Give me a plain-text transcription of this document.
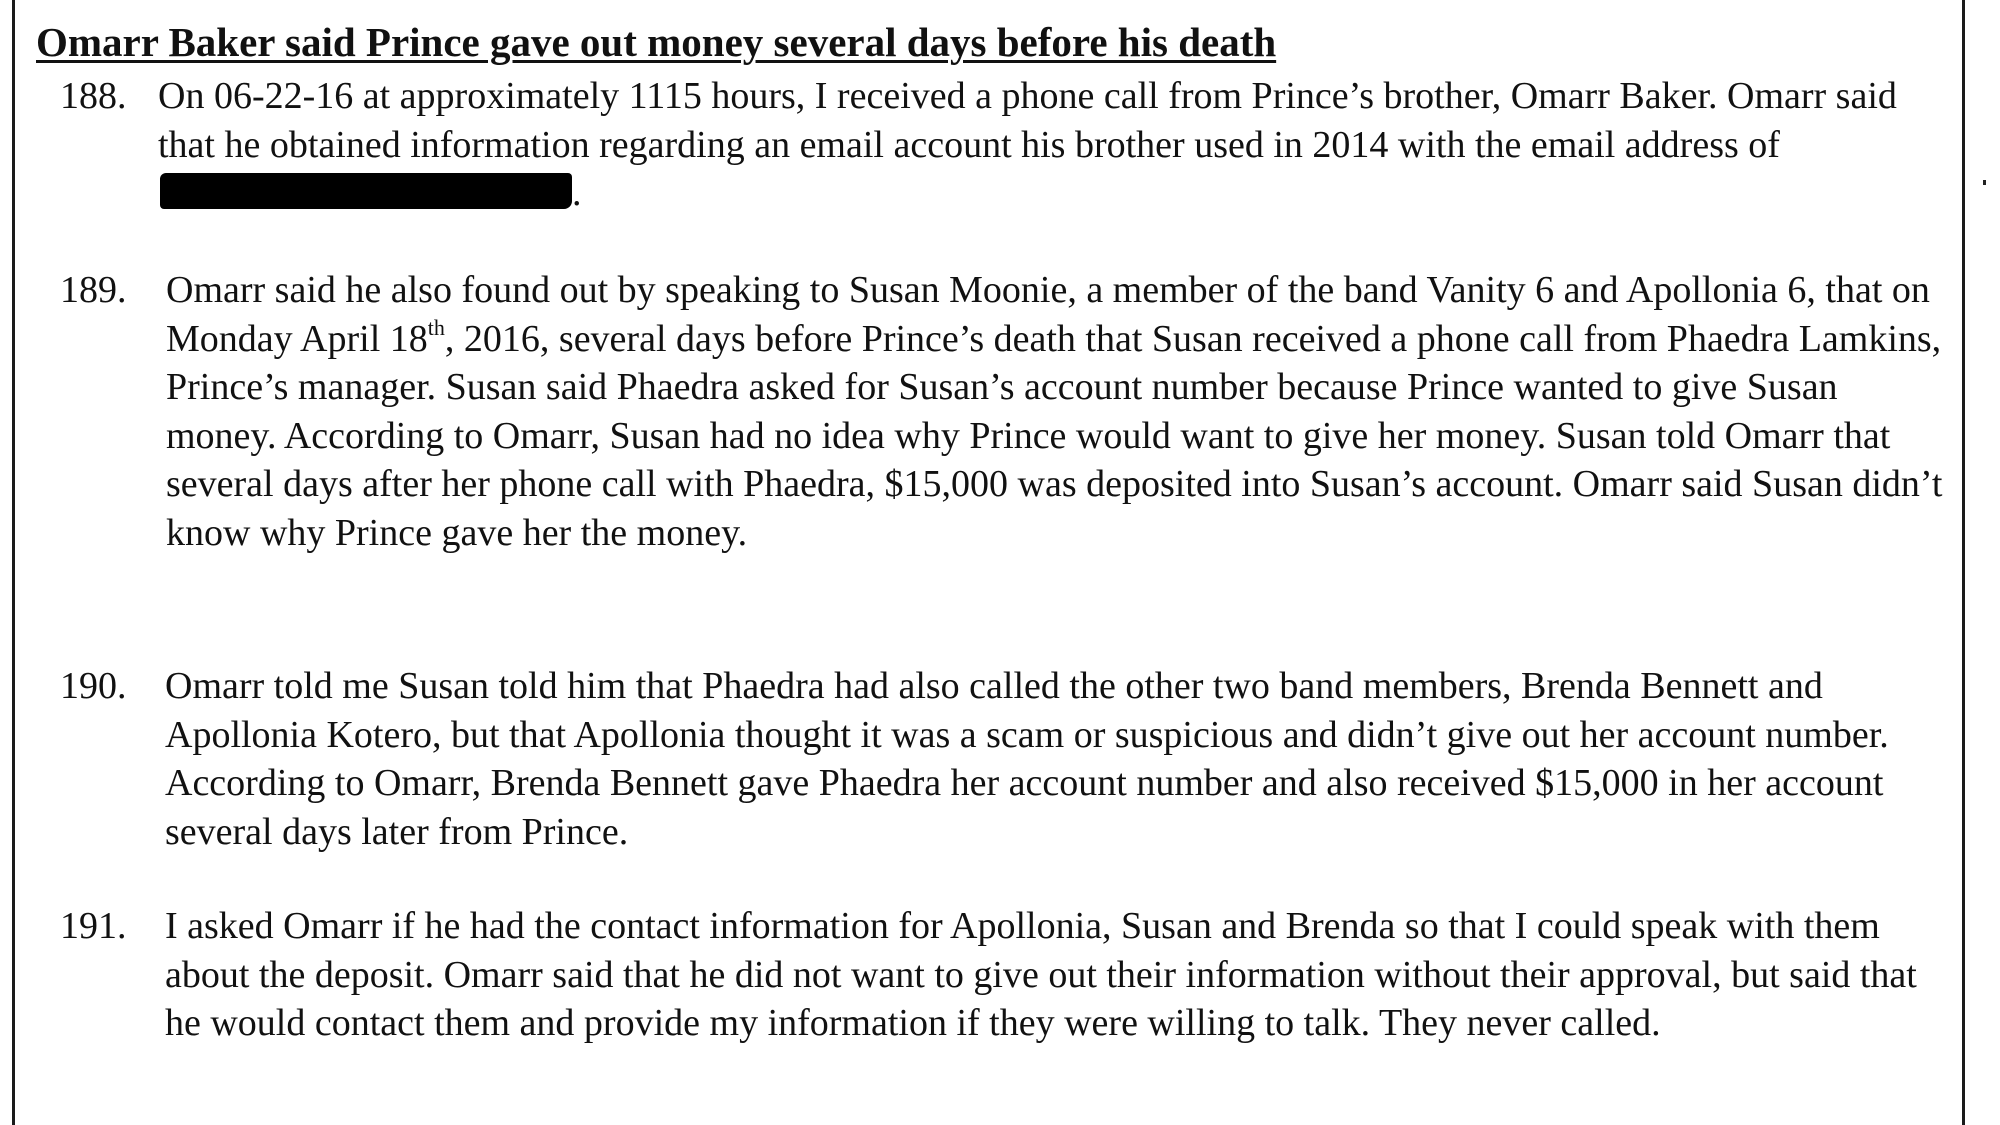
Omarr Baker said Prince gave out money several days before his death
188. On 06-22-16 at approximately 1115 hours, I received a phone call from Prince’s brother, Omarr Baker. Omarr said that he obtained information regarding an email account his brother used in 2014 with the email address of.
189.	Omarr said he also found out by speaking to Susan Moonie, a member of the band Vanity 6 and Apollonia 6, that on Monday April 18th, 2016, several days before Prince’s death that Susan received a phone call from Phaedra Lamkins, Prince’s manager. Susan said Phaedra asked for Susan’s account number because Prince wanted to give Susan money. According to Omarr, Susan had no idea why Prince would want to give her money. Susan told Omarr that several days after her phone call with Phaedra, $15,000 was deposited into Susan’s account. Omarr said Susan didn’t know why Prince gave her the money.
190.	Omarr told me Susan told him that Phaedra had also called the other two band members, Brenda Bennett and Apollonia Kotero, but that Apollonia thought it was a scam or suspicious and didn’t give out her account number. According to Omarr, Brenda Bennett gave Phaedra her account number and also received $15,000 in her account several days later from Prince.
191.	I asked Omarr if he had the contact information for Apollonia, Susan and Brenda so that I could speak with them about the deposit. Omarr said that he did not want to give out their information without their approval, but said that he would contact them and provide my information if they were willing to talk. They never called.
